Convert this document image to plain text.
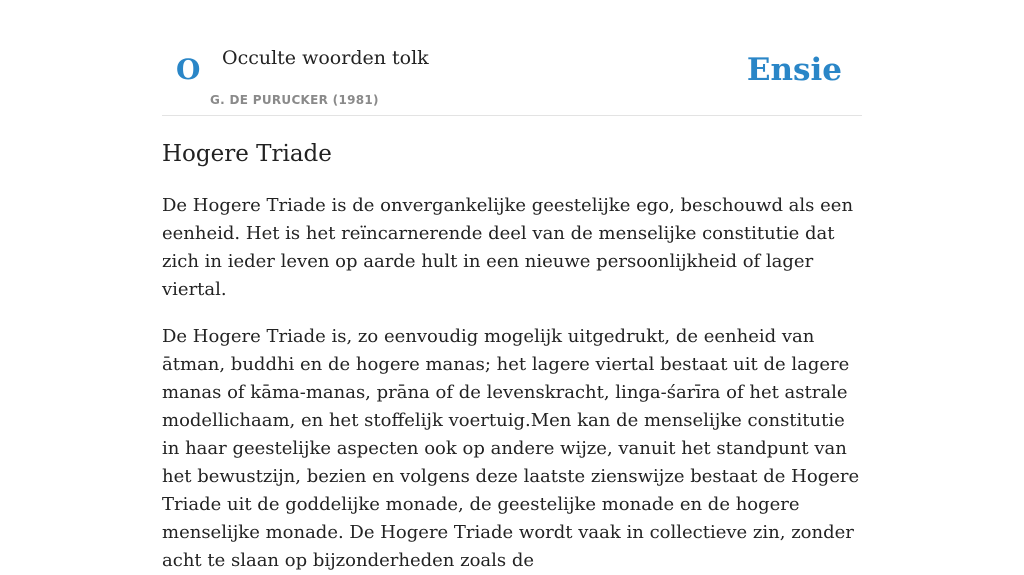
O Occulte woorden tolk
G. DE PURUCKER (1981)
Ensie
Hogere Triade

De Hogere Triade is de onvergankelijke geestelijke ego, beschouwd als een eenheid. Het is het reïncarnerende deel van de menselijke constitutie dat zich in ieder leven op aarde hult in een nieuwe persoonlijkheid of lager viertal.

De Hogere Triade is, zo eenvoudig mogelijk uitgedrukt, de eenheid van ātman, buddhi en de hogere manas; het lagere viertal bestaat uit de lagere manas of kāma-manas, prāna of de levenskracht, linga-śarīra of het astrale modellichaam, en het stoffelijk voertuig.Men kan de menselijke constitutie in haar geestelijke aspecten ook op andere wijze, vanuit het standpunt van het bewustzijn, bezien en volgens deze laatste zienswijze bestaat de Hogere Triade uit de goddelijke monade, de geestelijke monade en de hogere menselijke monade. De Hogere Triade wordt vaak in collectieve zin, zonder acht te slaan op bijzonderheden zoals de
